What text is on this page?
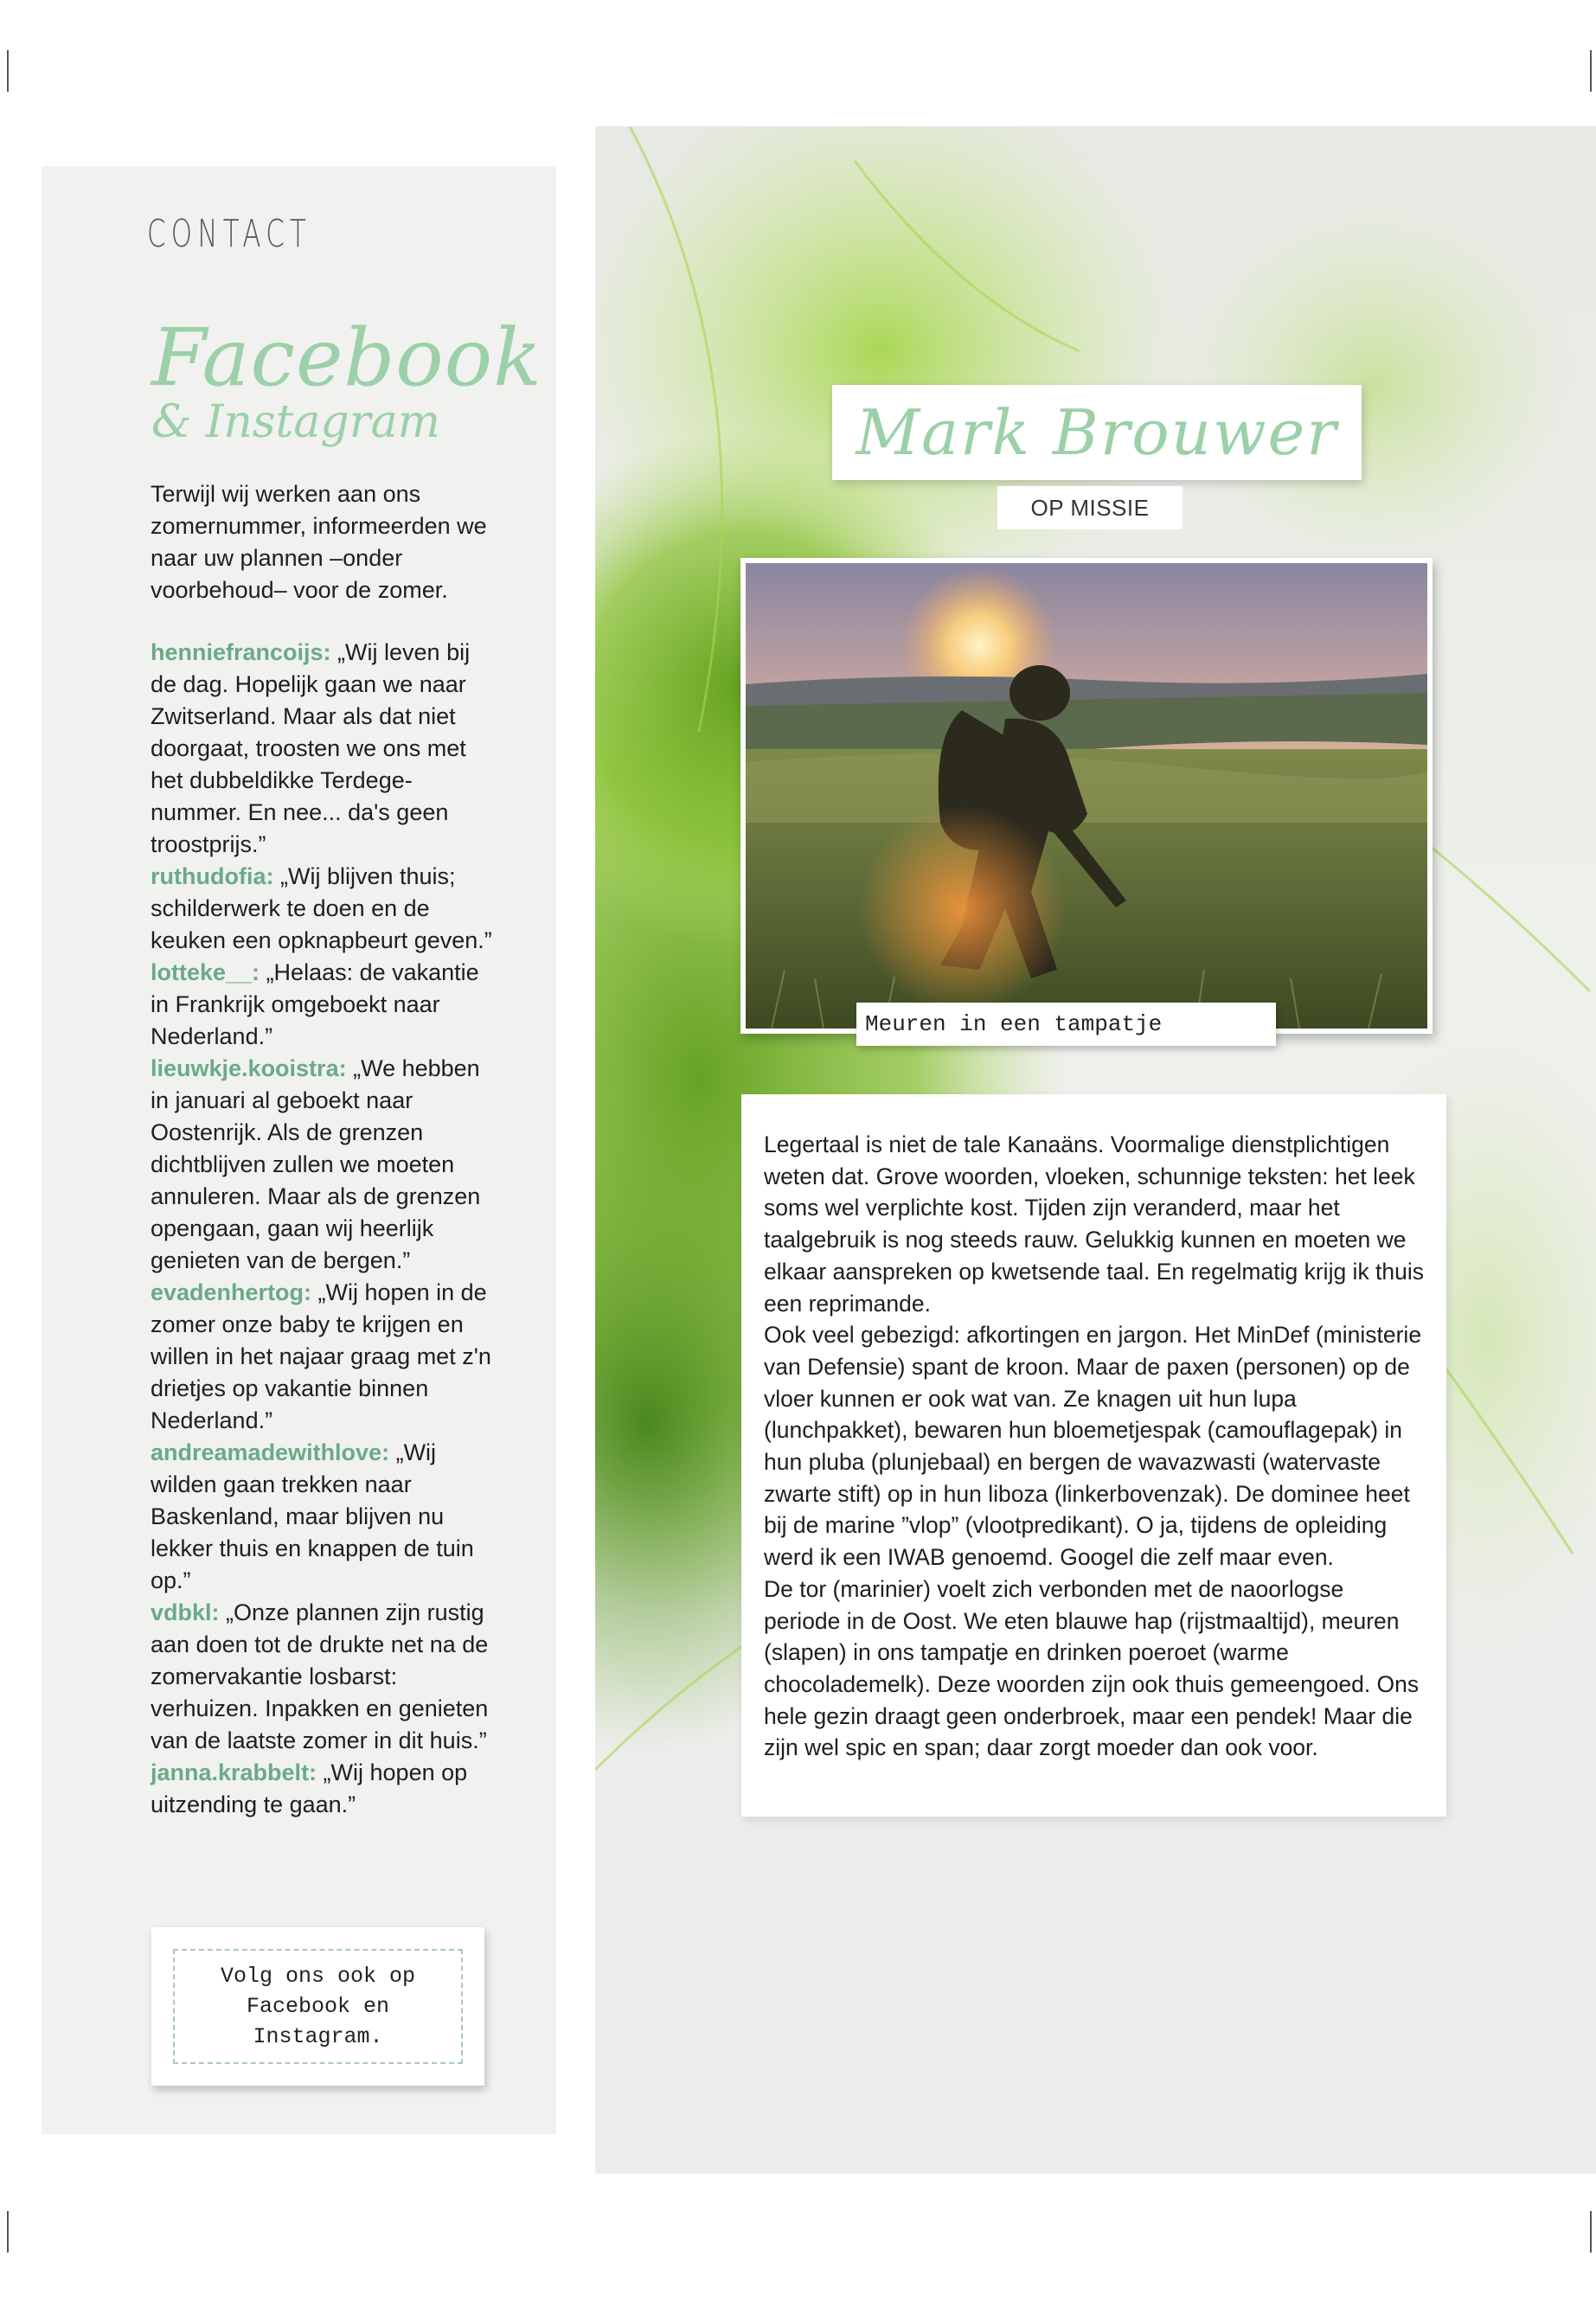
CONTACT
Facebook
& Instagram
Terwijl wij werken aan ons zomernummer, informeerden we naar uw plannen –onder voorbehoud– voor de zomer.
henniefrancoijs: „Wij leven bij de dag. Hopelijk gaan we naar Zwitserland. Maar als dat niet doorgaat, troosten we ons met het dubbeldikke Terdege-nummer. En nee... da's geen troostprijs.”
ruthudofia: „Wij blijven thuis; schilderwerk te doen en de keuken een opknapbeurt geven.”
lotteke__: „Helaas: de vakantie in Frankrijk omgeboekt naar Nederland.”
lieuwkje.kooistra: „We hebben in januari al geboekt naar Oostenrijk. Als de grenzen dichtblijven zullen we moeten annuleren. Maar als de grenzen opengaan, gaan wij heerlijk genieten van de bergen.”
evadenhertog: „Wij hopen in de zomer onze baby te krijgen en willen in het najaar graag met z'n drietjes op vakantie binnen Nederland.”
andreamadewithlove: „Wij wilden gaan trekken naar Baskenland, maar blijven nu lekker thuis en knappen de tuin op.”
vdbkl: „Onze plannen zijn rustig aan doen tot de drukte net na de zomervakantie losbarst: verhuizen. Inpakken en genieten van de laatste zomer in dit huis.”
janna.krabbelt: „Wij hopen op uitzending te gaan.”
Volg ons ook op Facebook en Instagram.
Mark Brouwer
OP MISSIE
Meuren in een tampatje

Legertaal is niet de tale Kanaäns. Voormalige dienstplichtigen weten dat. Grove woorden, vloeken, schunnige teksten: het leek soms wel verplichte kost. Tijden zijn veranderd, maar het taalgebruik is nog steeds rauw. Gelukkig kunnen en moeten we elkaar aanspreken op kwetsende taal. En regelmatig krijg ik thuis een reprimande.

Ook veel gebezigd: afkortingen en jargon. Het MinDef (ministerie van Defensie) spant de kroon. Maar de paxen (personen) op de vloer kunnen er ook wat van. Ze knagen uit hun lupa (lunchpakket), bewaren hun bloemetjespak (camouflagepak) in hun pluba (plunjebaal) en bergen de wavazwasti (watervaste zwarte stift) op in hun liboza (linkerbovenzak). De dominee heet bij de marine ”vlop” (vlootpredikant). O ja, tijdens de opleiding werd ik een IWAB genoemd. Googel die zelf maar even.

De tor (marinier) voelt zich verbonden met de naoorlogse periode in de Oost. We eten blauwe hap (rijstmaaltijd), meuren (slapen) in ons tampatje en drinken poeroet (warme chocolademelk). Deze woorden zijn ook thuis gemeengoed. Ons hele gezin draagt geen onderbroek, maar een pendek! Maar die zijn wel spic en span; daar zorgt moeder dan ook voor.
